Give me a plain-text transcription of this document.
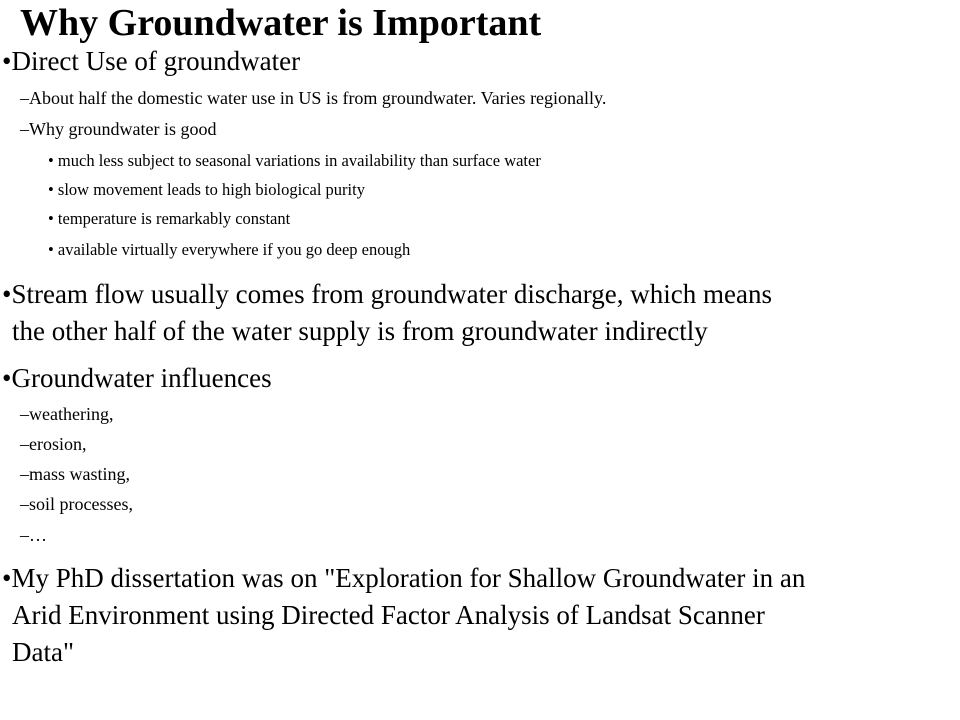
Why Groundwater is Important
•Direct Use of groundwater
–About half the domestic water use in US is from groundwater. Varies regionally.
–Why groundwater is good
• much less subject to seasonal variations in availability than surface water
• slow movement leads to high biological purity
• temperature is remarkably constant
• available virtually everywhere if you go deep enough
•Stream flow usually comes from groundwater discharge, which means
the other half of the water supply is from groundwater indirectly
•Groundwater influences
–weathering,
–erosion,
–mass wasting,
–soil processes,
–…
•My PhD dissertation was on "Exploration for Shallow Groundwater in an
Arid Environment using Directed Factor Analysis of Landsat Scanner
Data"
